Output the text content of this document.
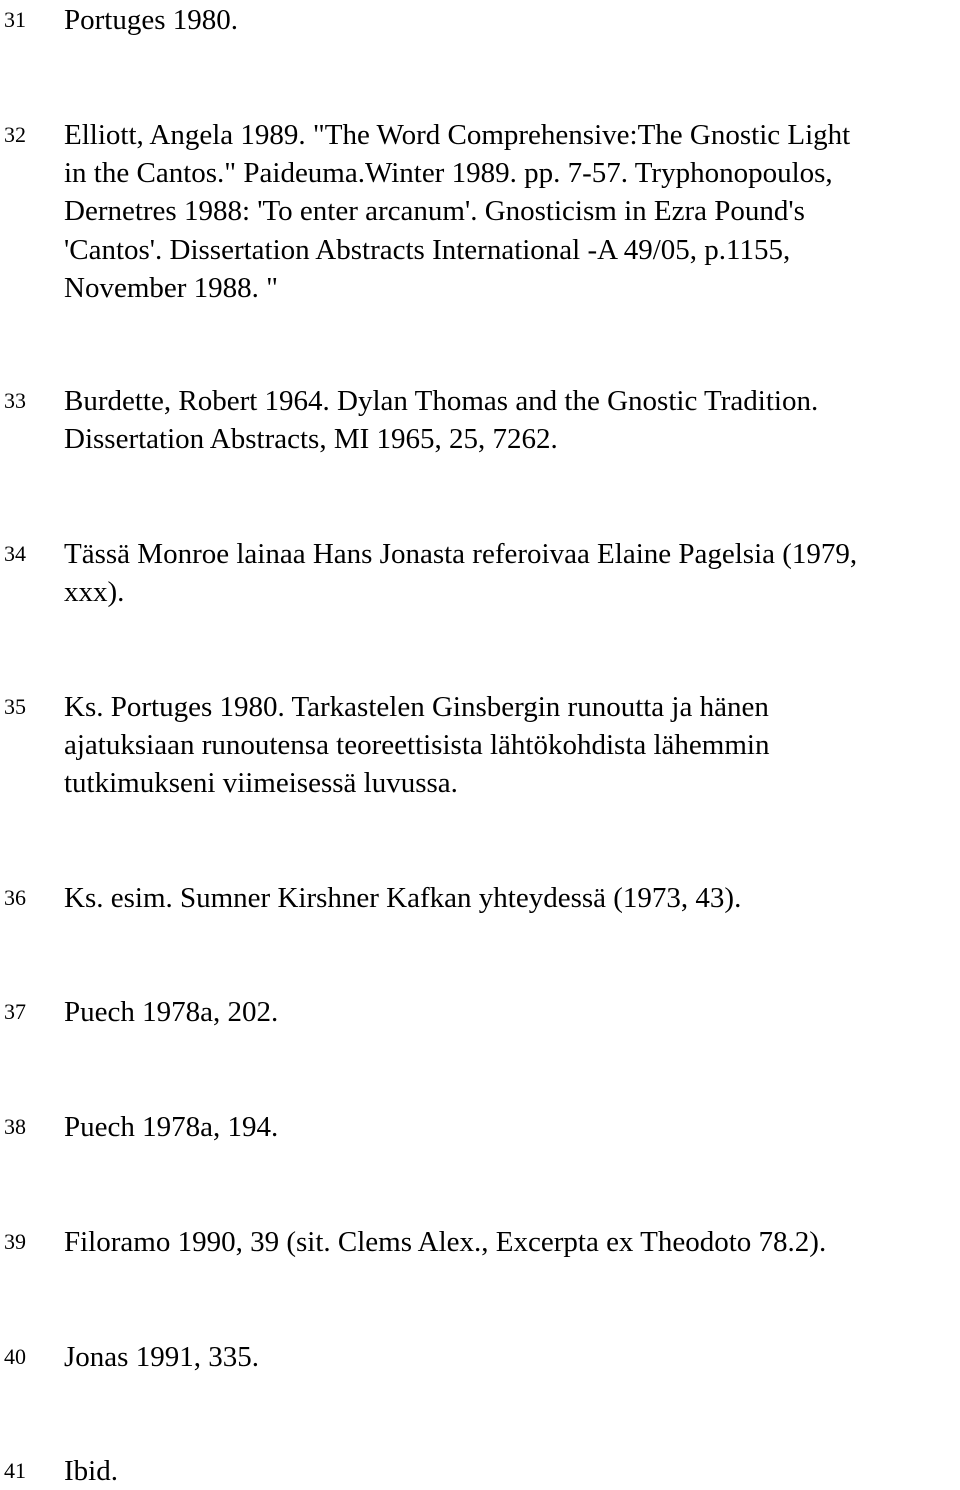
31 Portuges 1980.
32 Elliott, Angela 1989. "The Word Comprehensive:The Gnostic Light
in the Cantos." Paideuma.Winter 1989. pp. 7-57. Tryphonopoulos,
Dernetres 1988: 'To enter arcanum'. Gnosticism in Ezra Pound's
'Cantos'. Dissertation Abstracts International -A 49/05, p.1155,
November 1988. "
33 Burdette, Robert 1964. Dylan Thomas and the Gnostic Tradition.
Dissertation Abstracts, MI 1965, 25, 7262.
34 Tässä Monroe lainaa Hans Jonasta referoivaa Elaine Pagelsia (1979,
xxx).
35 Ks. Portuges 1980. Tarkastelen Ginsbergin runoutta ja hänen
ajatuksiaan runoutensa teoreettisista lähtökohdista lähemmin
tutkimukseni viimeisessä luvussa.
36 Ks. esim. Sumner Kirshner Kafkan yhteydessä (1973, 43).
37 Puech 1978a, 202.
38 Puech 1978a, 194.
39 Filoramo 1990, 39 (sit. Clems Alex., Excerpta ex Theodoto 78.2).
40 Jonas 1991, 335.
41 Ibid.
